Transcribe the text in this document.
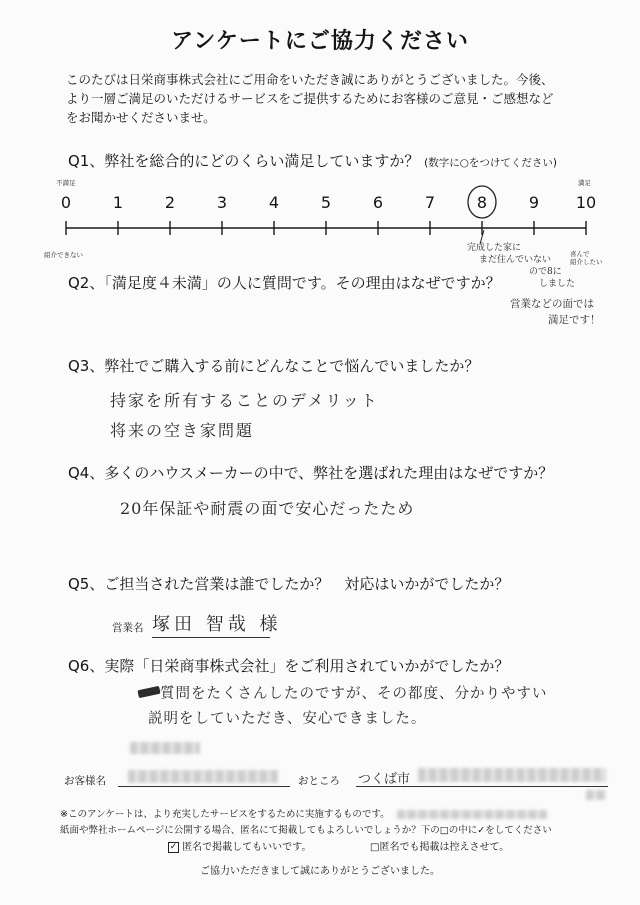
アンケートにご協力ください
このたびは日栄商事株式会社にご用命をいただき誠にありがとうございました。今後、
より一層ご満足のいただけるサービスをご提供するためにお客様のご意見・ご感想など
をお聞かせくださいませ。
Q1、弊社を総合的にどのくらい満足していますか？ (数字に○をつけてください)
不満足	満足
0	1	2	3	4	5	6	7	8	9 10
紹介できない	喜んで
紹介したい
完成した家に
まだ住んでいない
ので8に
しました
Q2、「満足度４未満」の人に質問です。その理由はなぜですか？
営業などの面では
満足です！
Q3、弊社でご購入する前にどんなことで悩んでいましたか？
持家を所有することのデメリット
将来の空き家問題
Q4、多くのハウスメーカーの中で、弊社を選ばれた理由はなぜですか？
20年保証や耐震の面で安心だったため
Q5、ご担当された営業は誰でしたか？　対応はいかがでしたか？
営業名 塚田 智哉 様
Q6、実際「日栄商事株式会社」をご利用されていかがでしたか？
質問をたくさんしたのですが、その都度、分かりやすい
説明をしていただき、安心できました。
お客様名	おところ つくば市
※このアンケートは、より充実したサービスをするために実施するものです。
紙面や弊社ホームページに公開する場合、匿名にて掲載してもよろしいでしょうか？下の□の中に✓をしてください
✓ 匿名で掲載してもいいです。	□匿名でも掲載は控えさせて。
ご協力いただきまして誠にありがとうございました。
